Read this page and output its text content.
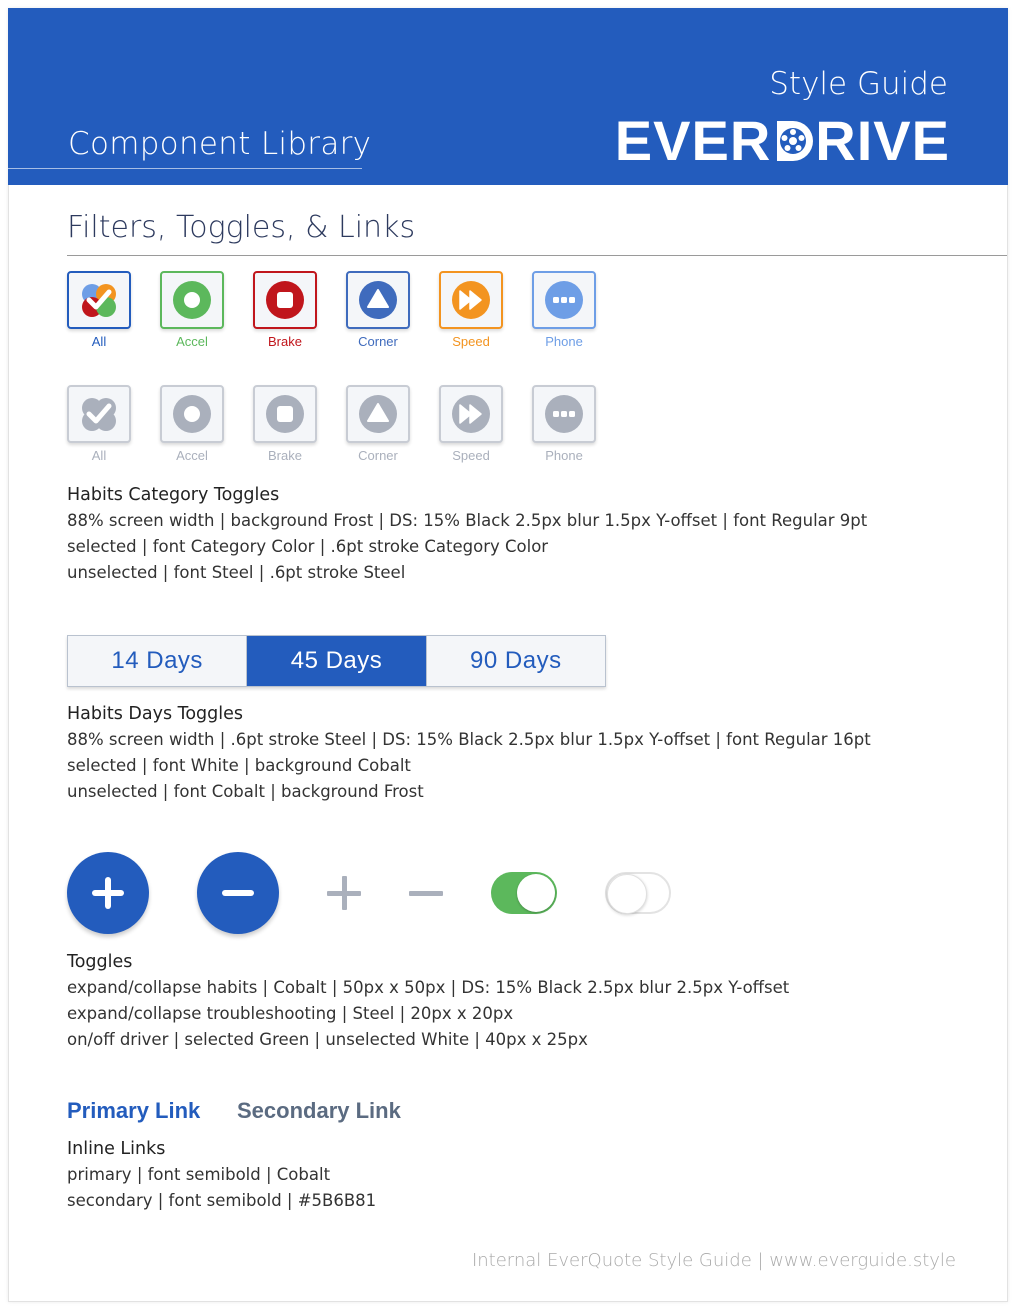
Style Guide
EVER RIVE
Component Library
Filters, Toggles, & Links
All	Accel	Brake	Corner	Speed	Phone
All	Accel	Brake	Corner	Speed	Phone
Habits Category Toggles
88% screen width | background Frost | DS: 15% Black 2.5px blur 1.5px Y-offset | font Regular 9pt
selected | font Category Color | .6pt stroke Category Color
unselected | font Steel | .6pt stroke Steel
14 Days	45 Days	90 Days
Habits Days Toggles
88% screen width | .6pt stroke Steel | DS: 15% Black 2.5px blur 1.5px Y-offset | font Regular 16pt
selected | font White | background Cobalt
unselected | font Cobalt | background Frost
Toggles
expand/collapse habits | Cobalt | 50px x 50px | DS: 15% Black 2.5px blur 2.5px Y-offset
expand/collapse troubleshooting | Steel | 20px x 20px
on/off driver | selected Green | unselected White | 40px x 25px
Primary Link Secondary Link
Inline Links
primary | font semibold | Cobalt
secondary | font semibold | #5B6B81
Internal EverQuote Style Guide | www.everguide.style
